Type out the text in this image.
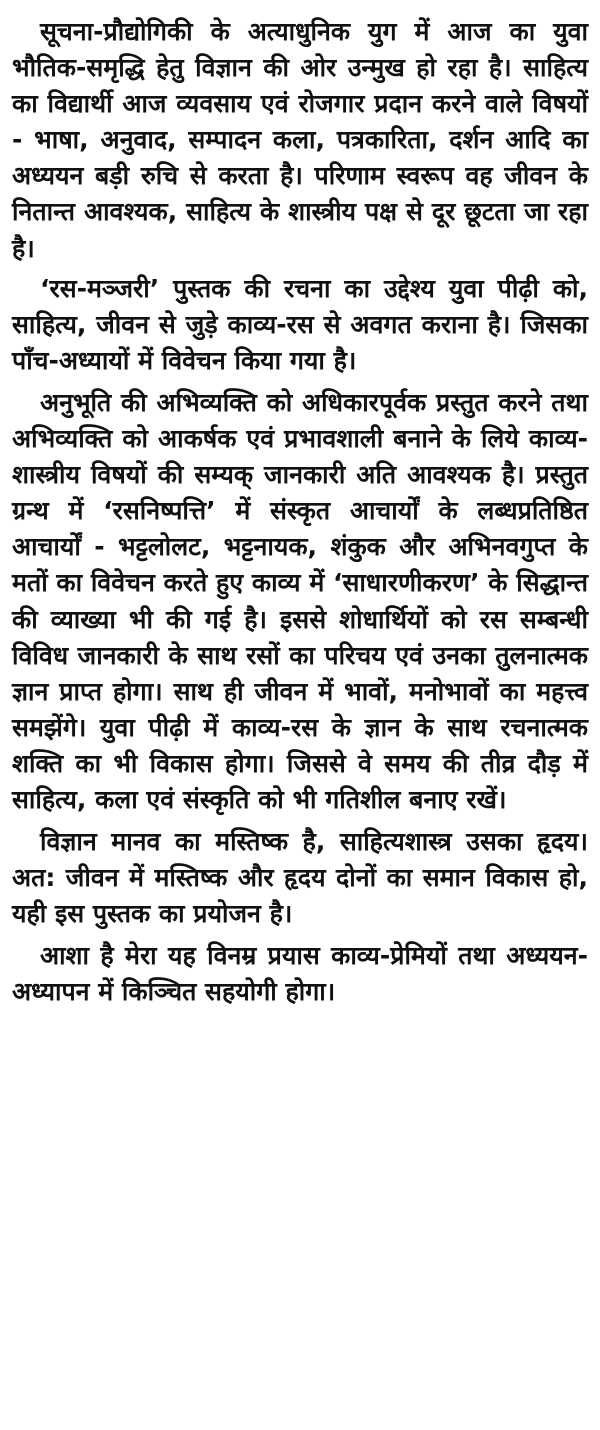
सूचना-प्रौद्योगिकी के अत्याधुनिक युग में आज का युवा भौतिक-समृद्धि हेतु विज्ञान की ओर उन्मुख हो रहा है। साहित्य का विद्यार्थी आज व्यवसाय एवं रोजगार प्रदान करने वाले विषयों - भाषा, अनुवाद, सम्पादन कला, पत्रकारिता, दर्शन आदि का अध्ययन बड़ी रुचि से करता है। परिणाम स्वरूप वह जीवन के नितान्त आवश्यक, साहित्य के शास्त्रीय पक्ष से दूर छूटता जा रहा है।

‘रस-मञ्जरी’ पुस्तक की रचना का उद्देश्य युवा पीढ़ी को, साहित्य, जीवन से जुड़े काव्य-रस से अवगत कराना है। जिसका पाँच-अध्यायों में विवेचन किया गया है।

अनुभूति की अभिव्यक्ति को अधिकारपूर्वक प्रस्तुत करने तथा अभिव्यक्ति को आकर्षक एवं प्रभावशाली बनाने के लिये काव्य-शास्त्रीय विषयों की सम्यक् जानकारी अति आवश्यक है। प्रस्तुत ग्रन्थ में ‘रसनिष्पत्ति’ में संस्कृत आचार्यों के लब्धप्रतिष्ठित आचार्यों - भट्टलोलट, भट्टनायक, शंकुक और अभिनवगुप्त के मतों का विवेचन करते हुए काव्य में ‘साधारणीकरण’ के सिद्धान्त की व्याख्या भी की गई है। इससे शोधार्थियों को रस सम्बन्धी विविध जानकारी के साथ रसों का परिचय एवं उनका तुलनात्मक ज्ञान प्राप्त होगा। साथ ही जीवन में भावों, मनोभावों का महत्त्व समझेंगे। युवा पीढ़ी में काव्य-रस के ज्ञान के साथ रचनात्मक शक्ति का भी विकास होगा। जिससे वे समय की तीव्र दौड़ में साहित्य, कला एवं संस्कृति को भी गतिशील बनाए रखें।

विज्ञान मानव का मस्तिष्क है, साहित्यशास्त्र उसका हृदय। अत: जीवन में मस्तिष्क और हृदय दोनों का समान विकास हो, यही इस पुस्तक का प्रयोजन है।

आशा है मेरा यह विनम्र प्रयास काव्य-प्रेमियों तथा अध्ययन-अध्यापन में किञ्चित सहयोगी होगा।
